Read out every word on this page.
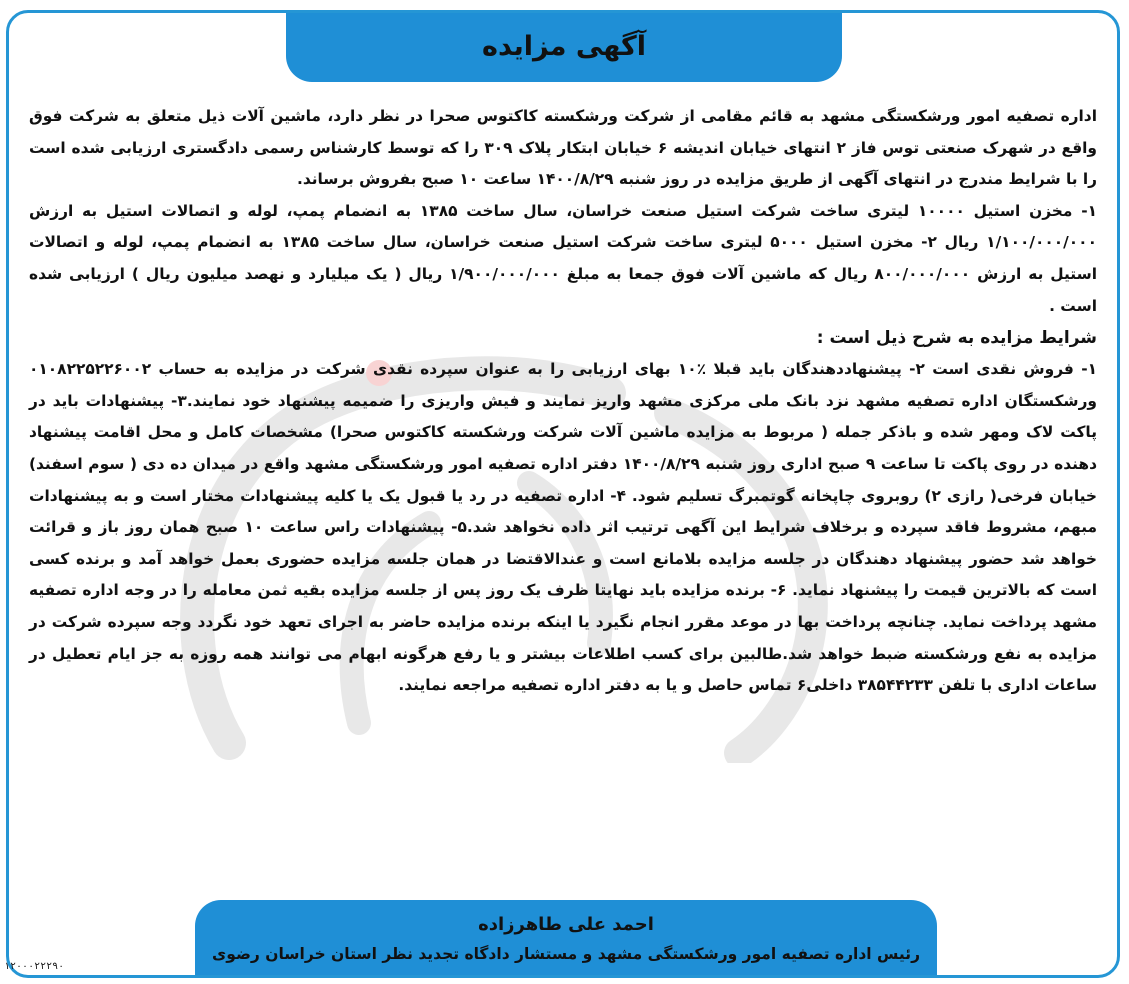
آگهی مزایده

اداره تصفیه امور ورشکستگی مشهد به قائم مقامی از شرکت ورشکسته کاکتوس صحرا در نظر دارد، ماشین آلات ذیل متعلق به شرکت فوق واقع در شهرک صنعتی توس فاز ۲ انتهای خیابان اندیشه ۶ خیابان ابتکار پلاک ۳۰۹ را که توسط کارشناس رسمی دادگستری ارزیابی شده است را با شرایط مندرج در انتهای آگهی از طریق مزایده در روز شنبه ۱۴۰۰/۸/۲۹ ساعت ۱۰ صبح بفروش برساند.

۱- مخزن استیل ۱۰۰۰۰ لیتری ساخت شرکت استیل صنعت خراسان، سال ساخت ۱۳۸۵ به انضمام پمپ، لوله و اتصالات استیل به ارزش ۱/۱۰۰/۰۰۰/۰۰۰ ریال ۲- مخزن استیل ۵۰۰۰ لیتری ساخت شرکت استیل صنعت خراسان، سال ساخت ۱۳۸۵ به انضمام پمپ، لوله و اتصالات استیل به ارزش ۸۰۰/۰۰۰/۰۰۰ ریال که ماشین آلات فوق جمعا به مبلغ ۱/۹۰۰/۰۰۰/۰۰۰ ریال ( یک میلیارد و نهصد میلیون ریال ) ارزیابی شده است .

شرایط مزایده به شرح ذیل است :

۱- فروش نقدی است ۲- پیشنهاددهندگان باید قبلا ٪۱۰ بهای ارزیابی را به عنوان سپرده نقدی شرکت در مزایده به حساب ۰۱۰۸۲۲۵۲۲۶۰۰۲ ورشکستگان اداره تصفیه مشهد نزد بانک ملی مرکزی مشهد واریز نمایند و فیش واریزی را ضمیمه پیشنهاد خود نمایند.۳- پیشنهادات باید در پاکت لاک ومهر شده و باذکر جمله ( مربوط به مزایده ماشین آلات شرکت ورشکسته کاکتوس صحرا) مشخصات کامل و محل اقامت پیشنهاد دهنده در روی پاکت تا ساعت ۹ صبح اداری روز شنبه ۱۴۰۰/۸/۲۹ دفتر اداره تصفیه امور ورشکستگی مشهد واقع در میدان ده دی ( سوم اسفند) خیابان فرخی( رازی ۲) روبروی چاپخانه گوتمبرگ تسلیم شود. ۴- اداره تصفیه در رد یا قبول یک یا کلیه پیشنهادات مختار است و به پیشنهادات مبهم، مشروط فاقد سپرده و برخلاف شرایط این آگهی ترتیب اثر داده نخواهد شد.۵- پیشنهادات راس ساعت ۱۰ صبح همان روز باز و قرائت خواهد شد حضور پیشنهاد دهندگان در جلسه مزایده بلامانع است و عندالاقتضا در همان جلسه مزایده حضوری بعمل خواهد آمد و برنده کسی است که بالاترین قیمت را پیشنهاد نماید. ۶- برنده مزایده باید نهایتا ظرف یک روز پس از جلسه مزایده بقیه ثمن معامله را در وجه اداره تصفیه مشهد پرداخت نماید. چنانچه پرداخت بها در موعد مقرر انجام نگیرد یا اینکه برنده مزایده حاضر به اجرای تعهد خود نگردد وجه سپرده شرکت در مزایده به نفع ورشکسته ضبط خواهد شد.طالبین برای کسب اطلاعات بیشتر و یا رفع هرگونه ابهام می توانند همه روزه به جز ایام تعطیل در ساعات اداری با تلفن ۳۸۵۴۴۲۳۳ داخلی۶ تماس حاصل و یا به دفتر اداره تصفیه مراجعه نمایند.

احمد علی طاهرزاده
رئیس اداره تصفیه امور ورشکستگی مشهد و مستشار دادگاه تجدید نظر استان خراسان رضوی
۱۲۰۰۰۲۲۲۹۰
